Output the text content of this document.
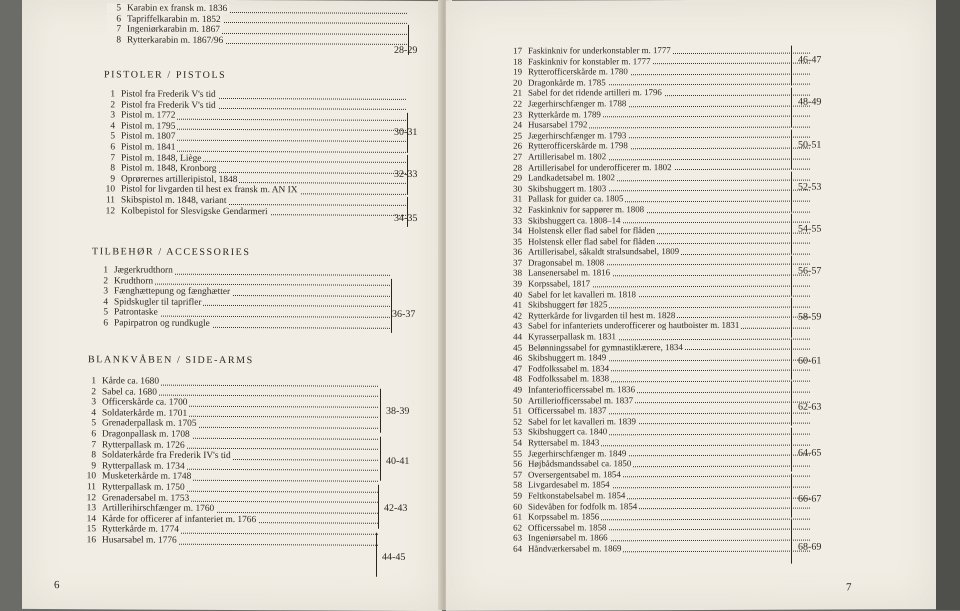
5 Karabin ex fransk m. 1836
6 Tapriffelkarabin m. 1852
7 Ingeniørkarabin m. 1867
8 Rytterkarabin m. 1867/96
28-29
PISTOLER / PISTOLS
1 Pistol fra Frederik V's tid
2 Pistol fra Frederik V's tid
3 Pistol m. 1772
4 Pistol m. 1795
5 Pistol m. 1807
6 Pistol m. 1841
7 Pistol m. 1848, Liège
8 Pistol m. 1848, Kronborg
9 Oprørernes artilleripistol, 1848
10 Pistol for livgarden til hest ex fransk m. AN IX
11 Skibspistol m. 1848, variant
12 Kolbepistol for Slesvigske Gendarmeri
30-31
32-33
34-35
TILBEHØR / ACCESSORIES
1 Jægerkrudthorn
2 Krudthorn
3 Fænghættepung og fænghætter
4 Spidskugler til taprifler
5 Patrontaske
6 Papirpatron og rundkugle
36-37
BLANKVÅBEN / SIDE-ARMS
1 Kårde ca. 1680
2 Sabel ca. 1680
3 Officerskårde ca. 1700
4 Soldaterkårde m. 1701
5 Grenaderpallask m. 1705
6 Dragonpallask m. 1708
7 Rytterpallask m. 1726
8 Soldaterkårde fra Frederik IV's tid
9 Rytterpallask m. 1734
10 Musketerkårde m. 1748
11 Rytterpallask m. 1750
12 Grenadersabel m. 1753
13 Artillerihirschfænger m. 1760
14 Kårde for officerer af infanteriet m. 1766
15 Rytterkårde m. 1774
16 Husarsabel m. 1776
38-39
40-41
42-43
44-45
6
17 Faskinkniv for underkonstabler m. 1777
18 Faskinkniv for konstabler m. 1777
19 Rytterofficerskårde m. 1780
20 Dragonkårde m. 1785
21 Sabel for det ridende artilleri m. 1796
22 Jægerhirschfænger m. 1788
23 Rytterkårde m. 1789
24 Husarsabel 1792
25 Jægerhirschfænger m. 1793
26 Rytterofficerskårde m. 1798
27 Artillerisabel m. 1802
28 Artillerisabel for underofficerer m. 1802
29 Landkadetsabel m. 1802
30 Skibshuggert m. 1803
31 Pallask for guider ca. 1805
32 Faskinkniv for sappører m. 1808
33 Skibshuggert ca. 1808–14
34 Holstensk eller flad sabel for flåden
35 Holstensk eller flad sabel for flåden
36 Artillerisabel, såkaldt stralsundsabel, 1809
37 Dragonsabel m. 1808
38 Lansenersabel m. 1816
39 Korpssabel, 1817
40 Sabel for let kavalleri m. 1818
41 Skibshuggert før 1825
42 Rytterkårde for livgarden til hest m. 1828
43 Sabel for infanteriets underofficerer og hautboister m. 1831
44 Kyrasserpallask m. 1831
45 Belønningssabel for gymnastiklærere, 1834
46 Skibshuggert m. 1849
47 Fodfolkssabel m. 1834
48 Fodfolkssabel m. 1838
49 Infanteriofficerssabel m. 1836
50 Artilleriofficerssabel m. 1837
51 Officerssabel m. 1837
52 Sabel for let kavalleri m. 1839
53 Skibshuggert ca. 1840
54 Ryttersabel m. 1843
55 Jægerhirschfænger m. 1849
56 Højbådsmandssabel ca. 1850
57 Oversergentsabel m. 1854
58 Livgardesabel m. 1854
59 Feltkonstabelsabel m. 1854
60 Sidevåben for fodfolk m. 1854
61 Korpssabel m. 1856
62 Officerssabel m. 1858
63 Ingeniørsabel m. 1866
64 Håndværkersabel m. 1869
46-47
48-49
50-51
52-53
54-55
56-57
58-59
60-61
62-63
64-65
66-67
68-69
7
